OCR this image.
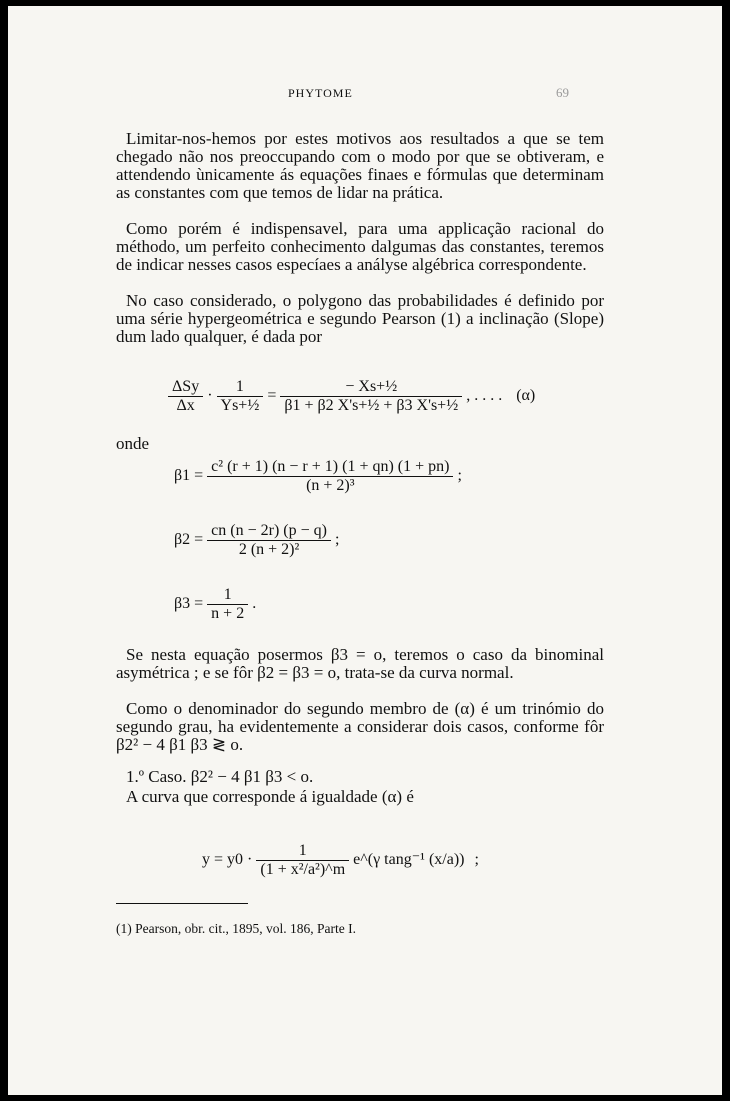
PHYTOME	69

Limitar-nos-hemos por estes motivos aos resultados a que se tem chegado não nos preoccupando com o modo por que se obtiveram, e attendendo ùnicamente ás equações finaes e fórmulas que determinam as constantes com que temos de lidar na prática.

Como porém é indispensavel, para uma applicação racional do méthodo, um perfeito conhecimento dalgumas das constantes, teremos de indicar nesses casos especíaes a anályse algébrica correspondente.

No caso considerado, o polygono das probabilidades é definido por uma série hypergeométrica e segundo Pearson (1) a inclinação (Slope) dum lado qualquer, é dada por

$\frac{\text{ΔSy}}{\Delta x} \cdot \frac{1}{\text{Ys+½}} = \frac{\text{− Xs+½}}{\text{β1 + β2 X's+½ + β3 X's+½}}$ , . . . . (α)
onde
$\beta 1 = \frac{\text{c² (r + 1) (n − r + 1) (1 + qn) (1 + pn)}}{\text{(n + 2)³}}$ ;
$\beta 2 = \frac{cn (n - 2r) (p - q)}{\text{2 (n + 2)²}}$ ;
$\beta 3 = \frac{1}{n + 2}$ .

Se nesta equação posermos β3 = o, teremos o caso da binominal asymétrica ; e se fôr β2 = β3 = o, trata-se da curva normal.

Como o denominador do segundo membro de (α) é um trinómio do segundo grau, ha evidentemente a considerar dois casos, conforme fôr β2² − 4 β1 β3 ≷ o.

1.º Caso. β2² − 4 β1 β3 < o.

A curva que corresponde á igualdade (α) é

$y = y0 \cdot \frac{1}{\text{(1 + x²/a²)\textasciicircum{}m}}$ e^(γ tang⁻¹ (x/a)) ;
(1) Pearson, obr. cit., 1895, vol. 186, Parte I.
